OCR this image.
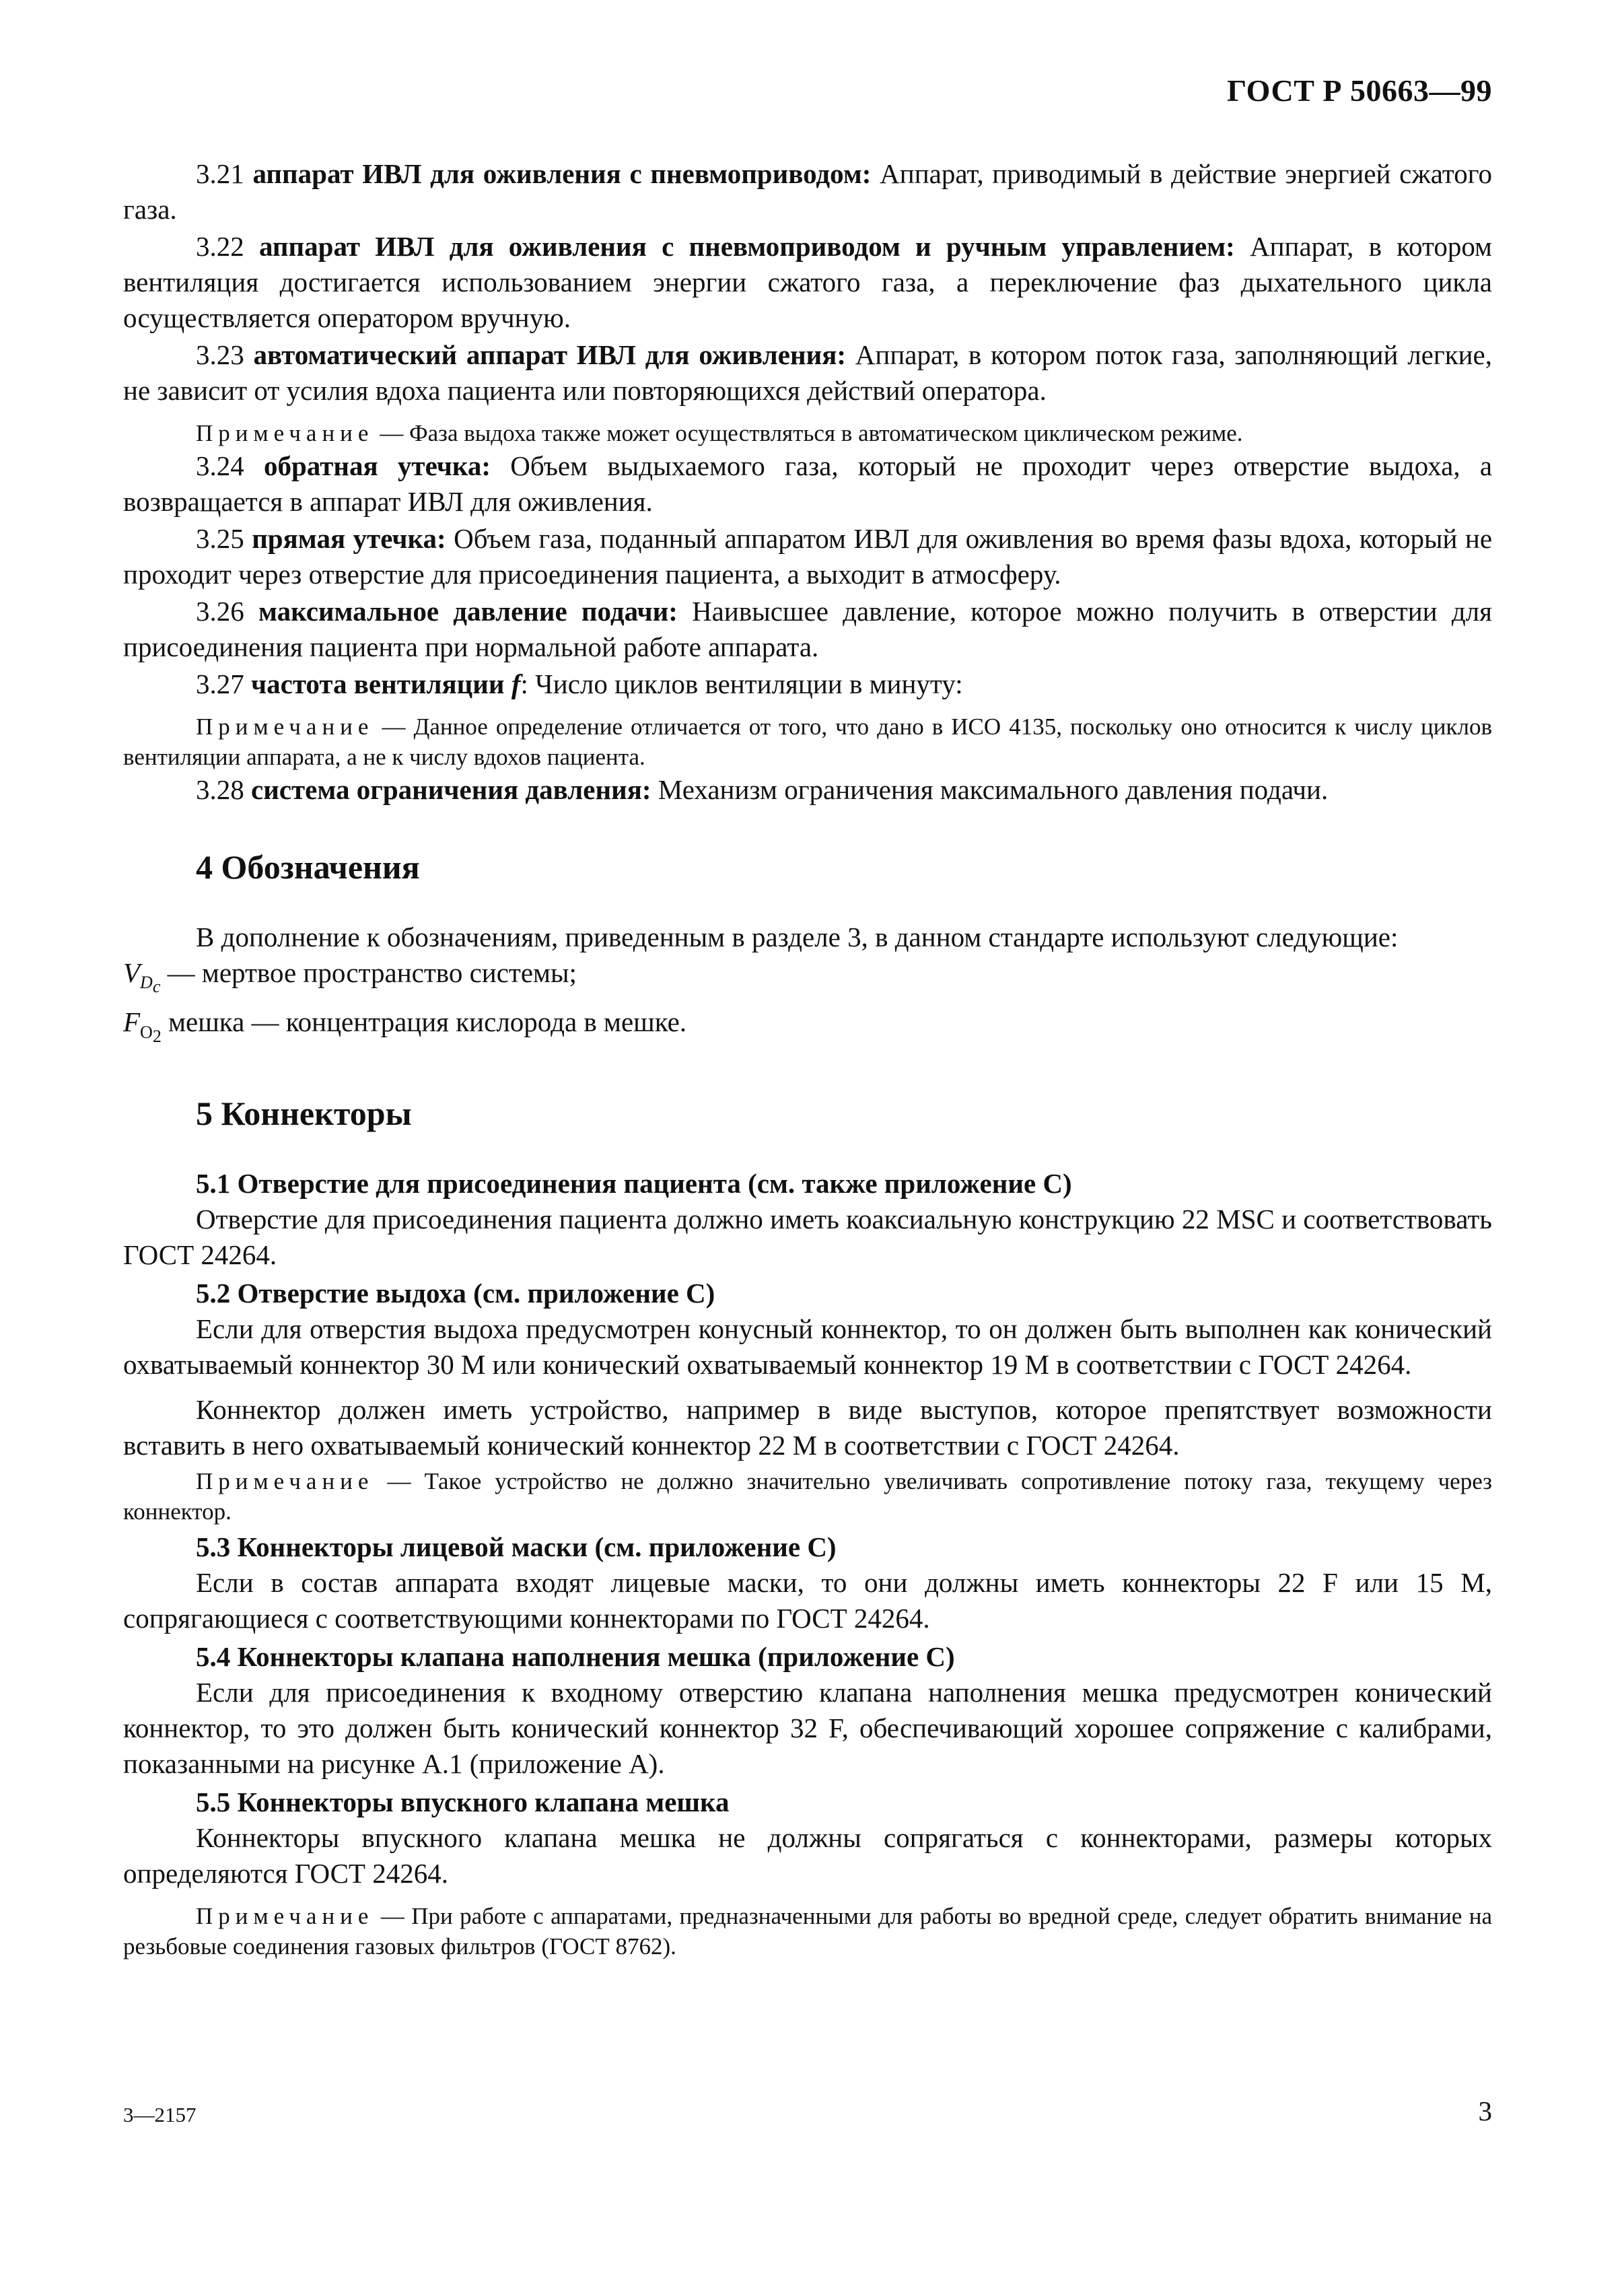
ГОСТ Р 50663—99

3.21 аппарат ИВЛ для оживления с пневмоприводом: Аппарат, приводимый в действие энергией сжатого газа.

3.22 аппарат ИВЛ для оживления с пневмоприводом и ручным управлением: Аппарат, в котором вентиляция достигается использованием энергии сжатого газа, а переключение фаз дыхательного цикла осуществляется оператором вручную.

3.23 автоматический аппарат ИВЛ для оживления: Аппарат, в котором поток газа, заполняющий легкие, не зависит от усилия вдоха пациента или повторяющихся действий оператора.

Примечание — Фаза выдоха также может осуществляться в автоматическом циклическом режиме.

3.24 обратная утечка: Объем выдыхаемого газа, который не проходит через отверстие выдоха, а возвращается в аппарат ИВЛ для оживления.

3.25 прямая утечка: Объем газа, поданный аппаратом ИВЛ для оживления во время фазы вдоха, который не проходит через отверстие для присоединения пациента, а выходит в атмосферу.

3.26 максимальное давление подачи: Наивысшее давление, которое можно получить в отверстии для присоединения пациента при нормальной работе аппарата.

3.27 частота вентиляции f: Число циклов вентиляции в минуту:

Примечание — Данное определение отличается от того, что дано в ИСО 4135, поскольку оно относится к числу циклов вентиляции аппарата, а не к числу вдохов пациента.

3.28 система ограничения давления: Механизм ограничения максимального давления подачи.

4 Обозначения

В дополнение к обозначениям, приведенным в разделе 3, в данном стандарте используют следующие:

$V_{D_c}$ — мертвое пространство системы;

$F_{O_2}$ мешка — концентрация кислорода в мешке.

5 Коннекторы
5.1 Отверстие для присоединения пациента (см. также приложение С)

Отверстие для присоединения пациента должно иметь коаксиальную конструкцию 22 MSC и соответствовать ГОСТ 24264.

5.2 Отверстие выдоха (см. приложение С)

Если для отверстия выдоха предусмотрен конусный коннектор, то он должен быть выполнен как конический охватываемый коннектор 30 М или конический охватываемый коннектор 19 М в соответствии с ГОСТ 24264.

Коннектор должен иметь устройство, например в виде выступов, которое препятствует возможности вставить в него охватываемый конический коннектор 22 М в соответствии с ГОСТ 24264.

Примечание — Такое устройство не должно значительно увеличивать сопротивление потоку газа, текущему через коннектор.

5.3 Коннекторы лицевой маски (см. приложение С)

Если в состав аппарата входят лицевые маски, то они должны иметь коннекторы 22 F или 15 М, сопрягающиеся с соответствующими коннекторами по ГОСТ 24264.

5.4 Коннекторы клапана наполнения мешка (приложение С)

Если для присоединения к входному отверстию клапана наполнения мешка предусмотрен конический коннектор, то это должен быть конический коннектор 32 F, обеспечивающий хорошее сопряжение с калибрами, показанными на рисунке А.1 (приложение А).

5.5 Коннекторы впускного клапана мешка

Коннекторы впускного клапана мешка не должны сопрягаться с коннекторами, размеры которых определяются ГОСТ 24264.

Примечание — При работе с аппаратами, предназначенными для работы во вредной среде, следует обратить внимание на резьбовые соединения газовых фильтров (ГОСТ 8762).

3—2157	3
